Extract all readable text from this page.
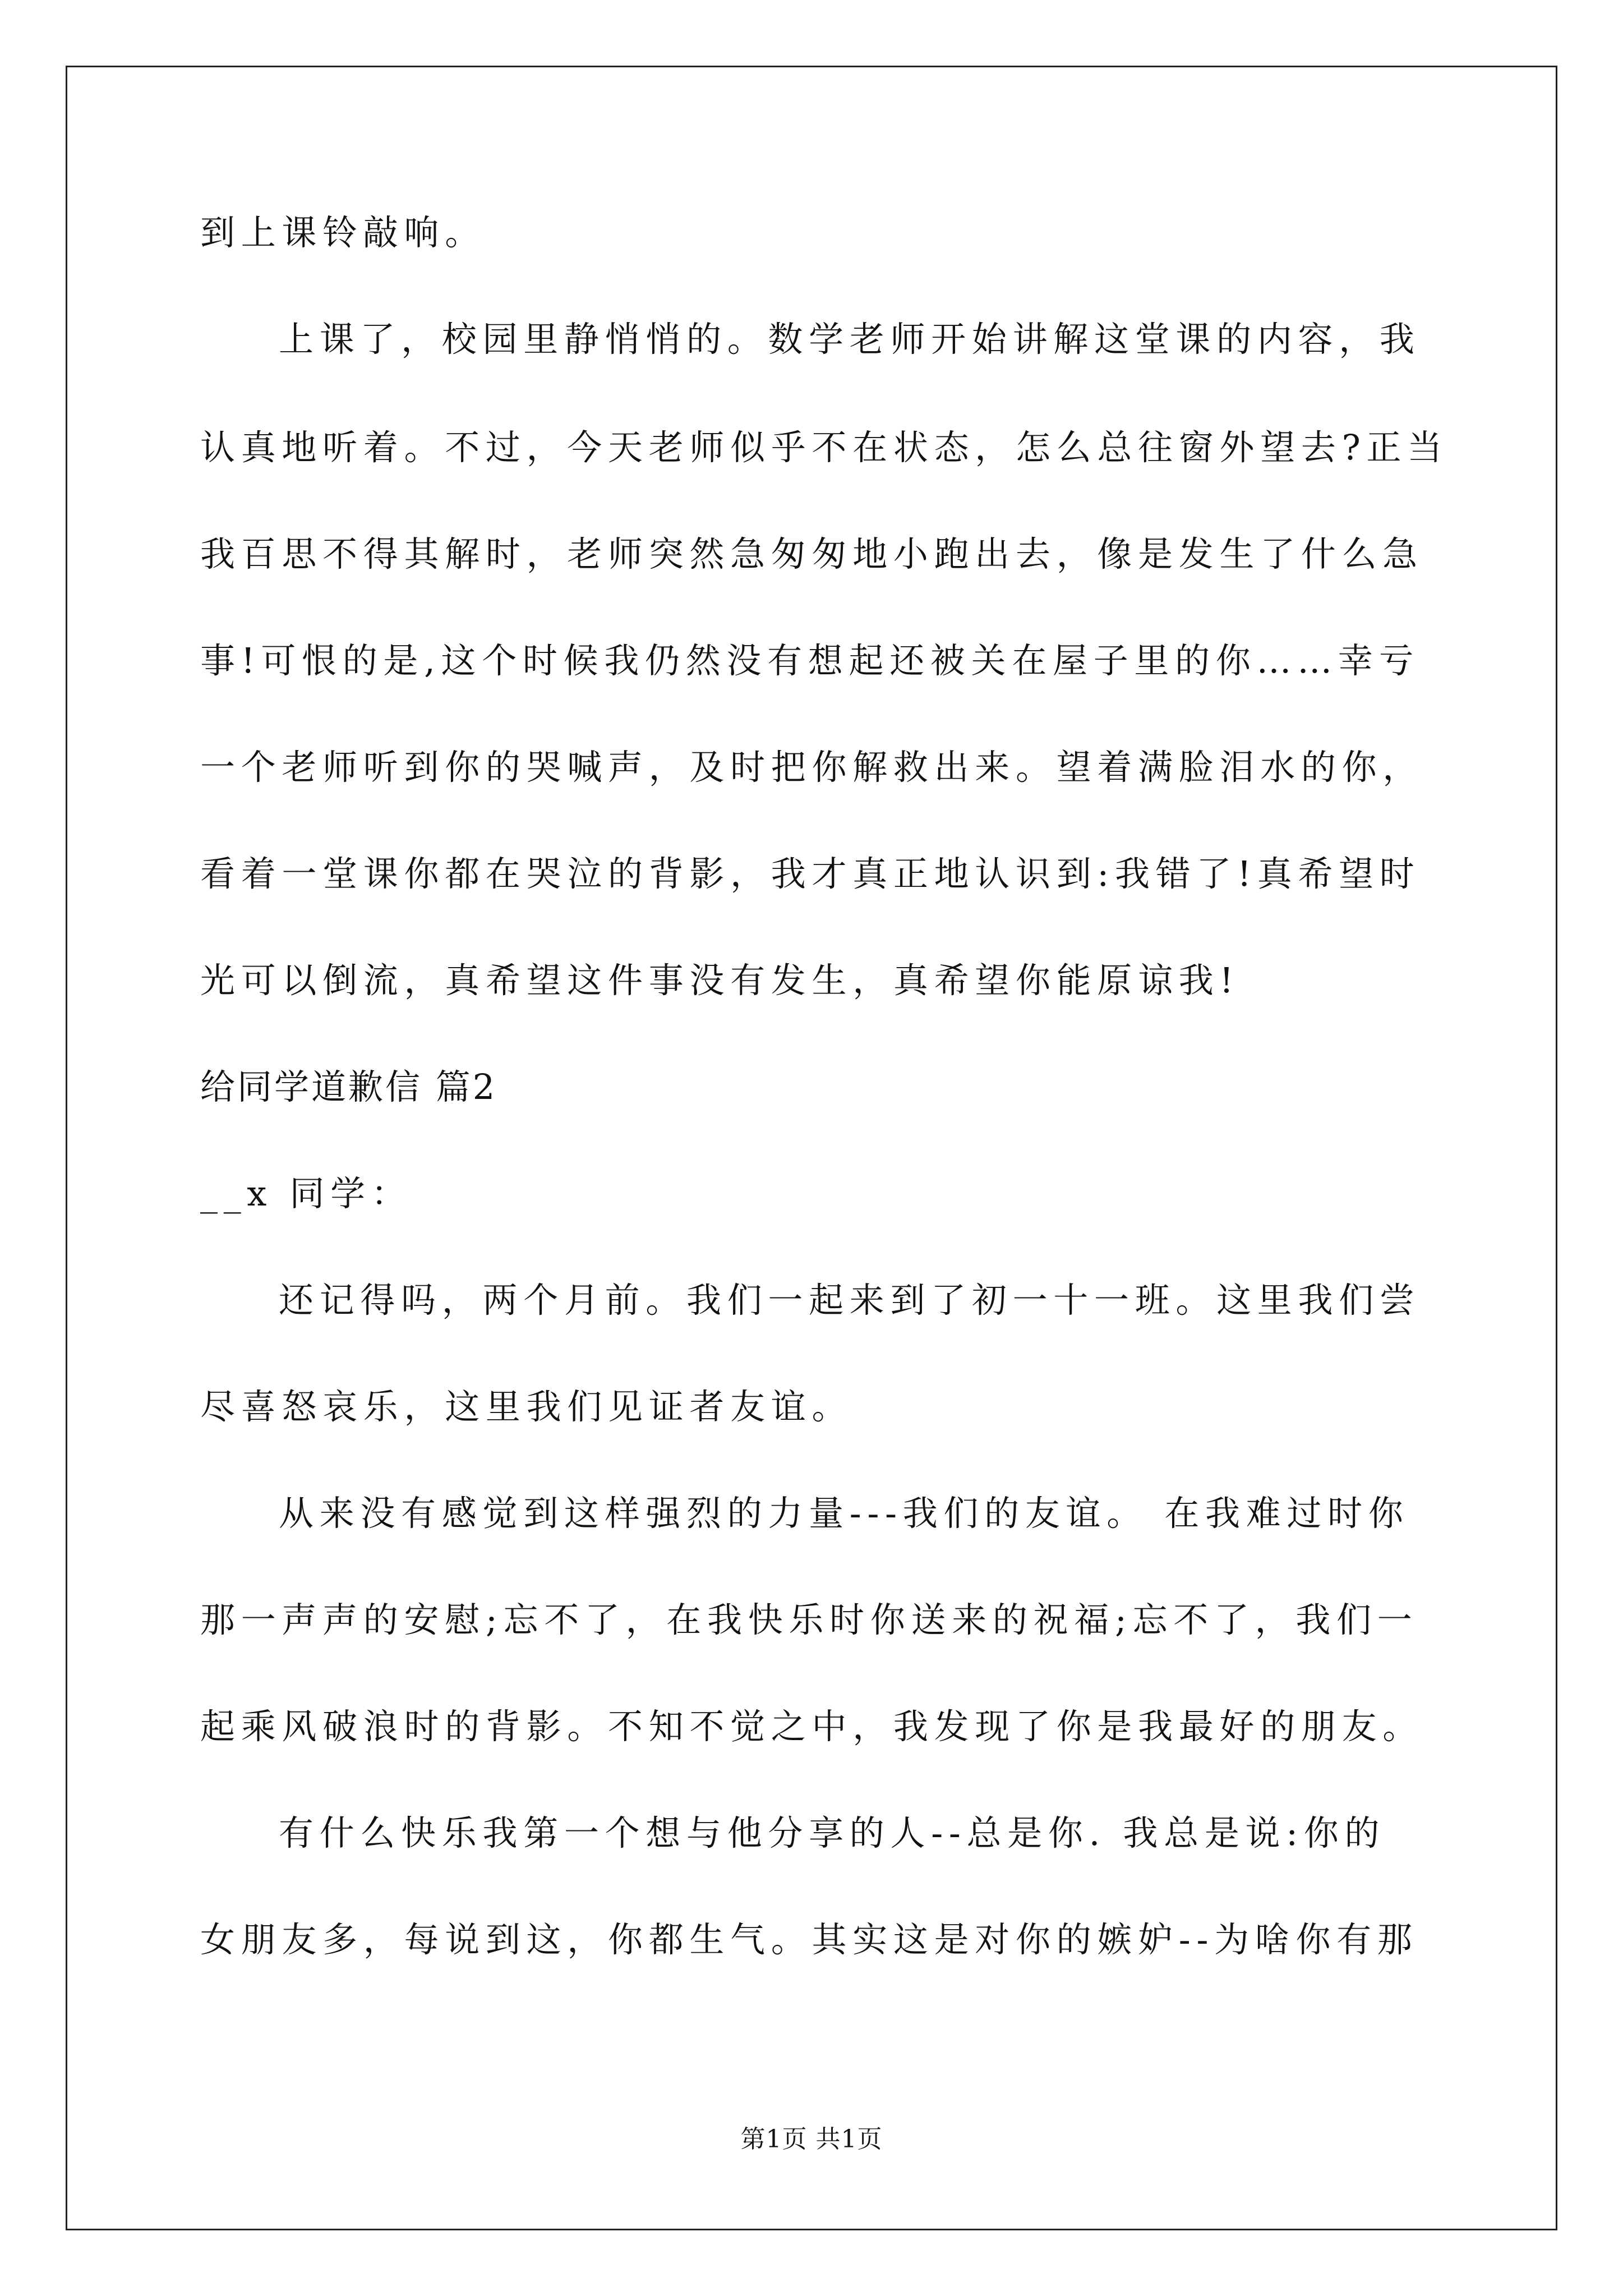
到上课铃敲响。
上课了，校园里静悄悄的。数学老师开始讲解这堂课的内容，我
认真地听着。不过，今天老师似乎不在状态，怎么总往窗外望去?正当
我百思不得其解时，老师突然急匆匆地小跑出去，像是发生了什么急
事!可恨的是,这个时候我仍然没有想起还被关在屋子里的你……幸亏
一个老师听到你的哭喊声，及时把你解救出来。望着满脸泪水的你，
看着一堂课你都在哭泣的背影，我才真正地认识到:我错了!真希望时
光可以倒流，真希望这件事没有发生，真希望你能原谅我!
给同学道歉信 篇2
__x 同学：
还记得吗，两个月前。我们一起来到了初一十一班。这里我们尝
尽喜怒哀乐，这里我们见证者友谊。
从来没有感觉到这样强烈的力量---我们的友谊。 在我难过时你
那一声声的安慰;忘不了，在我快乐时你送来的祝福;忘不了，我们一
起乘风破浪时的背影。不知不觉之中，我发现了你是我最好的朋友。
有什么快乐我第一个想与他分享的人--总是你. 我总是说:你的
女朋友多，每说到这，你都生气。其实这是对你的嫉妒--为啥你有那
第1页 共1页
